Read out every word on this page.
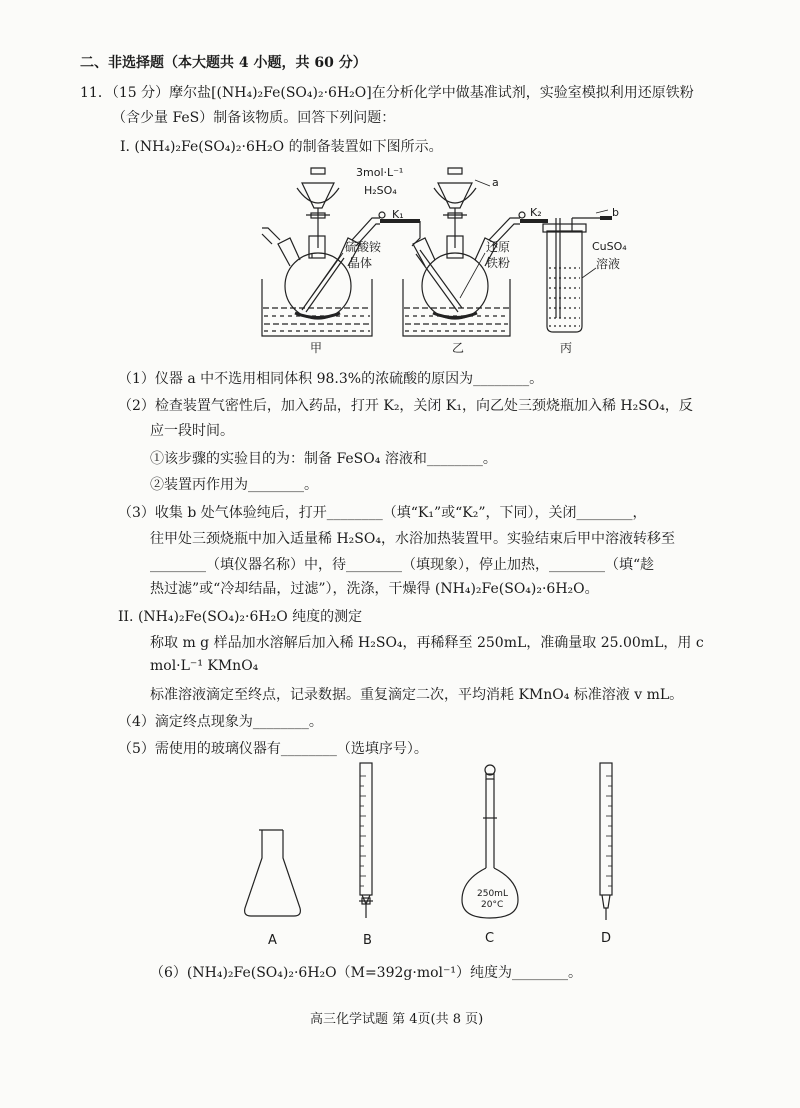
二、非选择题（本大题共 4 小题，共 60 分）
11．（15 分）摩尔盐[(NH₄)₂Fe(SO₄)₂·6H₂O]在分析化学中做基准试剂，实验室模拟利用还原铁粉
（含少量 FeS）制备该物质。回答下列问题：
I. (NH₄)₂Fe(SO₄)₂·6H₂O 的制备装置如下图所示。
3mol·L⁻¹
H₂SO₄
a
K₁	K₂	b
硫酸铵
晶体
还原
铁粉
CuSO₄
溶液
甲	乙	丙
（1）仪器 a 中不选用相同体积 98.3%的浓硫酸的原因为________。
（2）检查装置气密性后，加入药品，打开 K₂，关闭 K₁，向乙处三颈烧瓶加入稀 H₂SO₄，反
应一段时间。
①该步骤的实验目的为：制备 FeSO₄ 溶液和________。
②装置丙作用为________。
（3）收集 b 处气体验纯后，打开________（填“K₁”或“K₂”，下同），关闭________，
往甲处三颈烧瓶中加入适量稀 H₂SO₄，水浴加热装置甲。实验结束后甲中溶液转移至
________（填仪器名称）中，待________（填现象），停止加热，________（填“趁
热过滤”或“冷却结晶，过滤”），洗涤，干燥得 (NH₄)₂Fe(SO₄)₂·6H₂O。
II. (NH₄)₂Fe(SO₄)₂·6H₂O 纯度的测定
称取 m g 样品加水溶解后加入稀 H₂SO₄，再稀释至 250mL，准确量取 25.00mL，用 c
mol·L⁻¹ KMnO₄
标准溶液滴定至终点，记录数据。重复滴定二次，平均消耗 KMnO₄ 标准溶液 v mL。
（4）滴定终点现象为________。
（5）需使用的玻璃仪器有________（选填序号）。
250mL
20°C
A	B	C	D
（6）(NH₄)₂Fe(SO₄)₂·6H₂O（M=392g·mol⁻¹）纯度为________。
高三化学试题 第 4页(共 8 页)
